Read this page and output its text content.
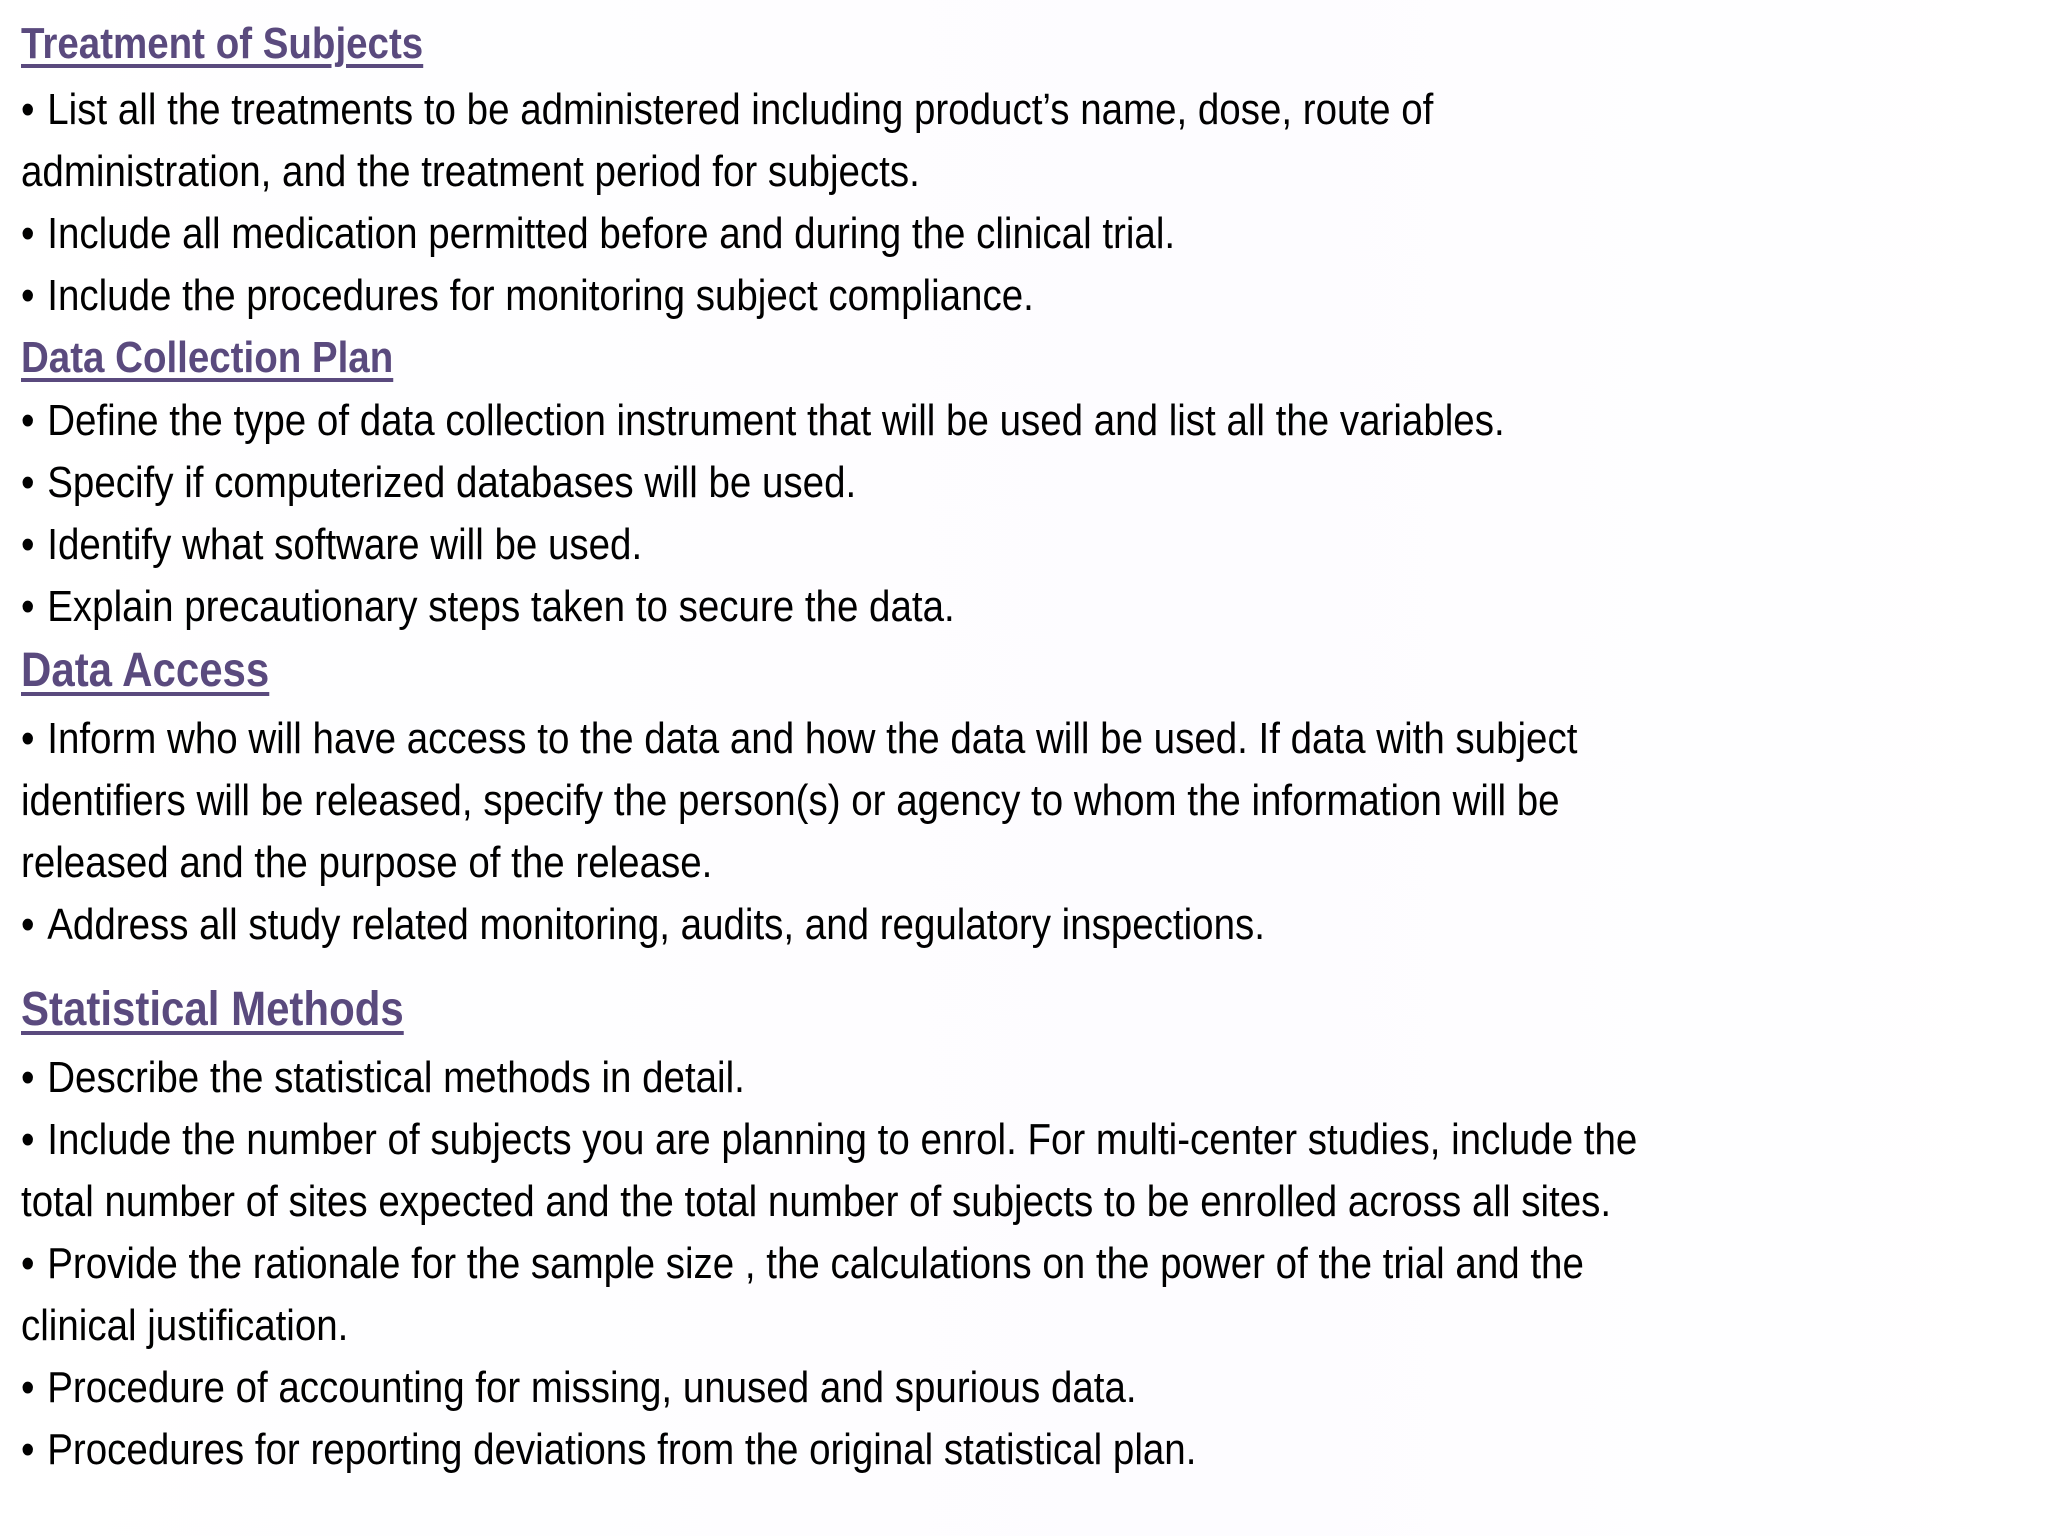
Treatment of Subjects
• List all the treatments to be administered including product’s name, dose, route of
administration, and the treatment period for subjects.
• Include all medication permitted before and during the clinical trial.
• Include the procedures for monitoring subject compliance.
Data Collection Plan
• Define the type of data collection instrument that will be used and list all the variables.
• Specify if computerized databases will be used.
• Identify what software will be used.
• Explain precautionary steps taken to secure the data.
Data Access
• Inform who will have access to the data and how the data will be used. If data with subject
identifiers will be released, specify the person(s) or agency to whom the information will be
released and the purpose of the release.
• Address all study related monitoring, audits, and regulatory inspections.
Statistical Methods
• Describe the statistical methods in detail.
• Include the number of subjects you are planning to enrol. For multi-center studies, include the
total number of sites expected and the total number of subjects to be enrolled across all sites.
• Provide the rationale for the sample size , the calculations on the power of the trial and the
clinical justification.
• Procedure of accounting for missing, unused and spurious data.
• Procedures for reporting deviations from the original statistical plan.
